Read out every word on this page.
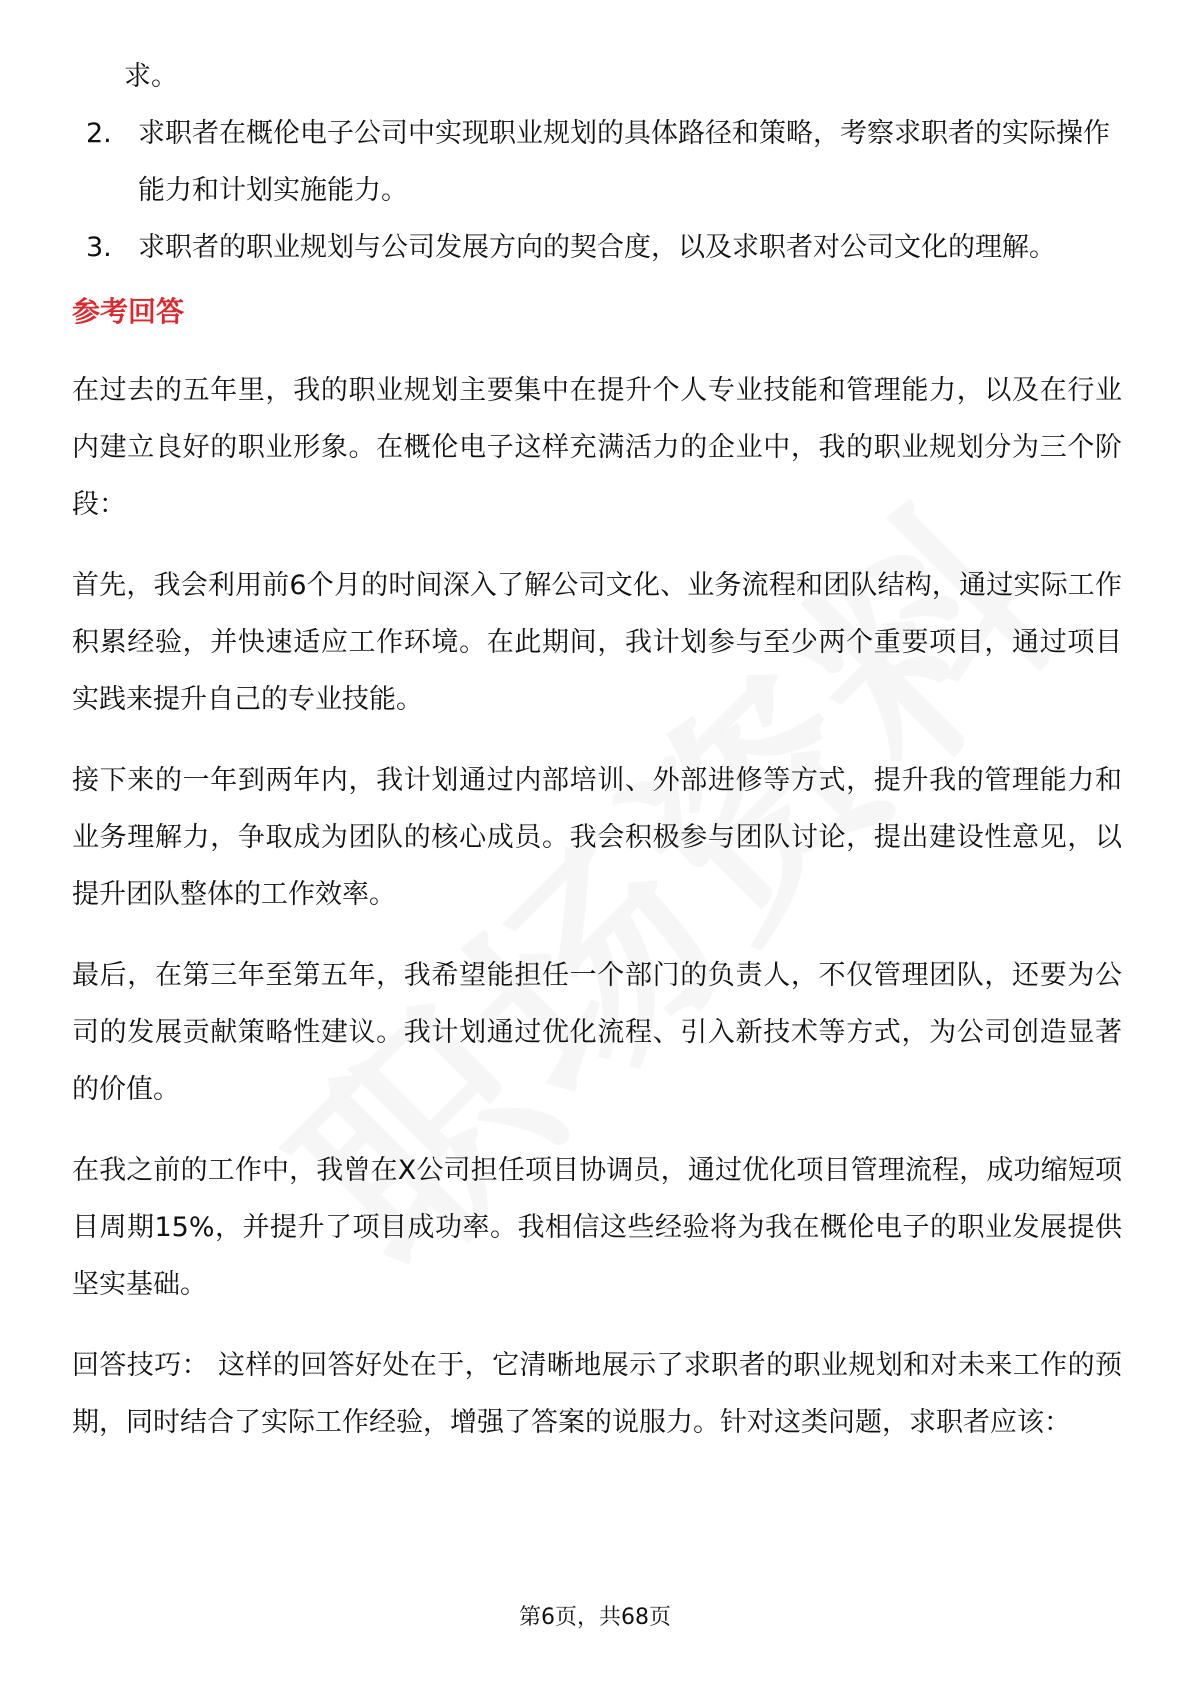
求。
2. 求职者在概伦电子公司中实现职业规划的具体路径和策略，考察求职者的实际操作能力和计划实施能力。
3. 求职者的职业规划与公司发展方向的契合度，以及求职者对公司文化的理解。
参考回答

在过去的五年里，我的职业规划主要集中在提升个人专业技能和管理能力，以及在行业内建立良好的职业形象。在概伦电子这样充满活力的企业中，我的职业规划分为三个阶段：

首先，我会利用前6个月的时间深入了解公司文化、业务流程和团队结构，通过实际工作积累经验，并快速适应工作环境。在此期间，我计划参与至少两个重要项目，通过项目实践来提升自己的专业技能。

接下来的一年到两年内，我计划通过内部培训、外部进修等方式，提升我的管理能力和业务理解力，争取成为团队的核心成员。我会积极参与团队讨论，提出建设性意见，以提升团队整体的工作效率。

最后，在第三年至第五年，我希望能担任一个部门的负责人，不仅管理团队，还要为公司的发展贡献策略性建议。我计划通过优化流程、引入新技术等方式，为公司创造显著的价值。

在我之前的工作中，我曾在X公司担任项目协调员，通过优化项目管理流程，成功缩短项目周期15%，并提升了项目成功率。我相信这些经验将为我在概伦电子的职业发展提供坚实基础。

回答技巧： 这样的回答好处在于，它清晰地展示了求职者的职业规划和对未来工作的预期，同时结合了实际工作经验，增强了答案的说服力。针对这类问题，求职者应该：

第6页，共68页
